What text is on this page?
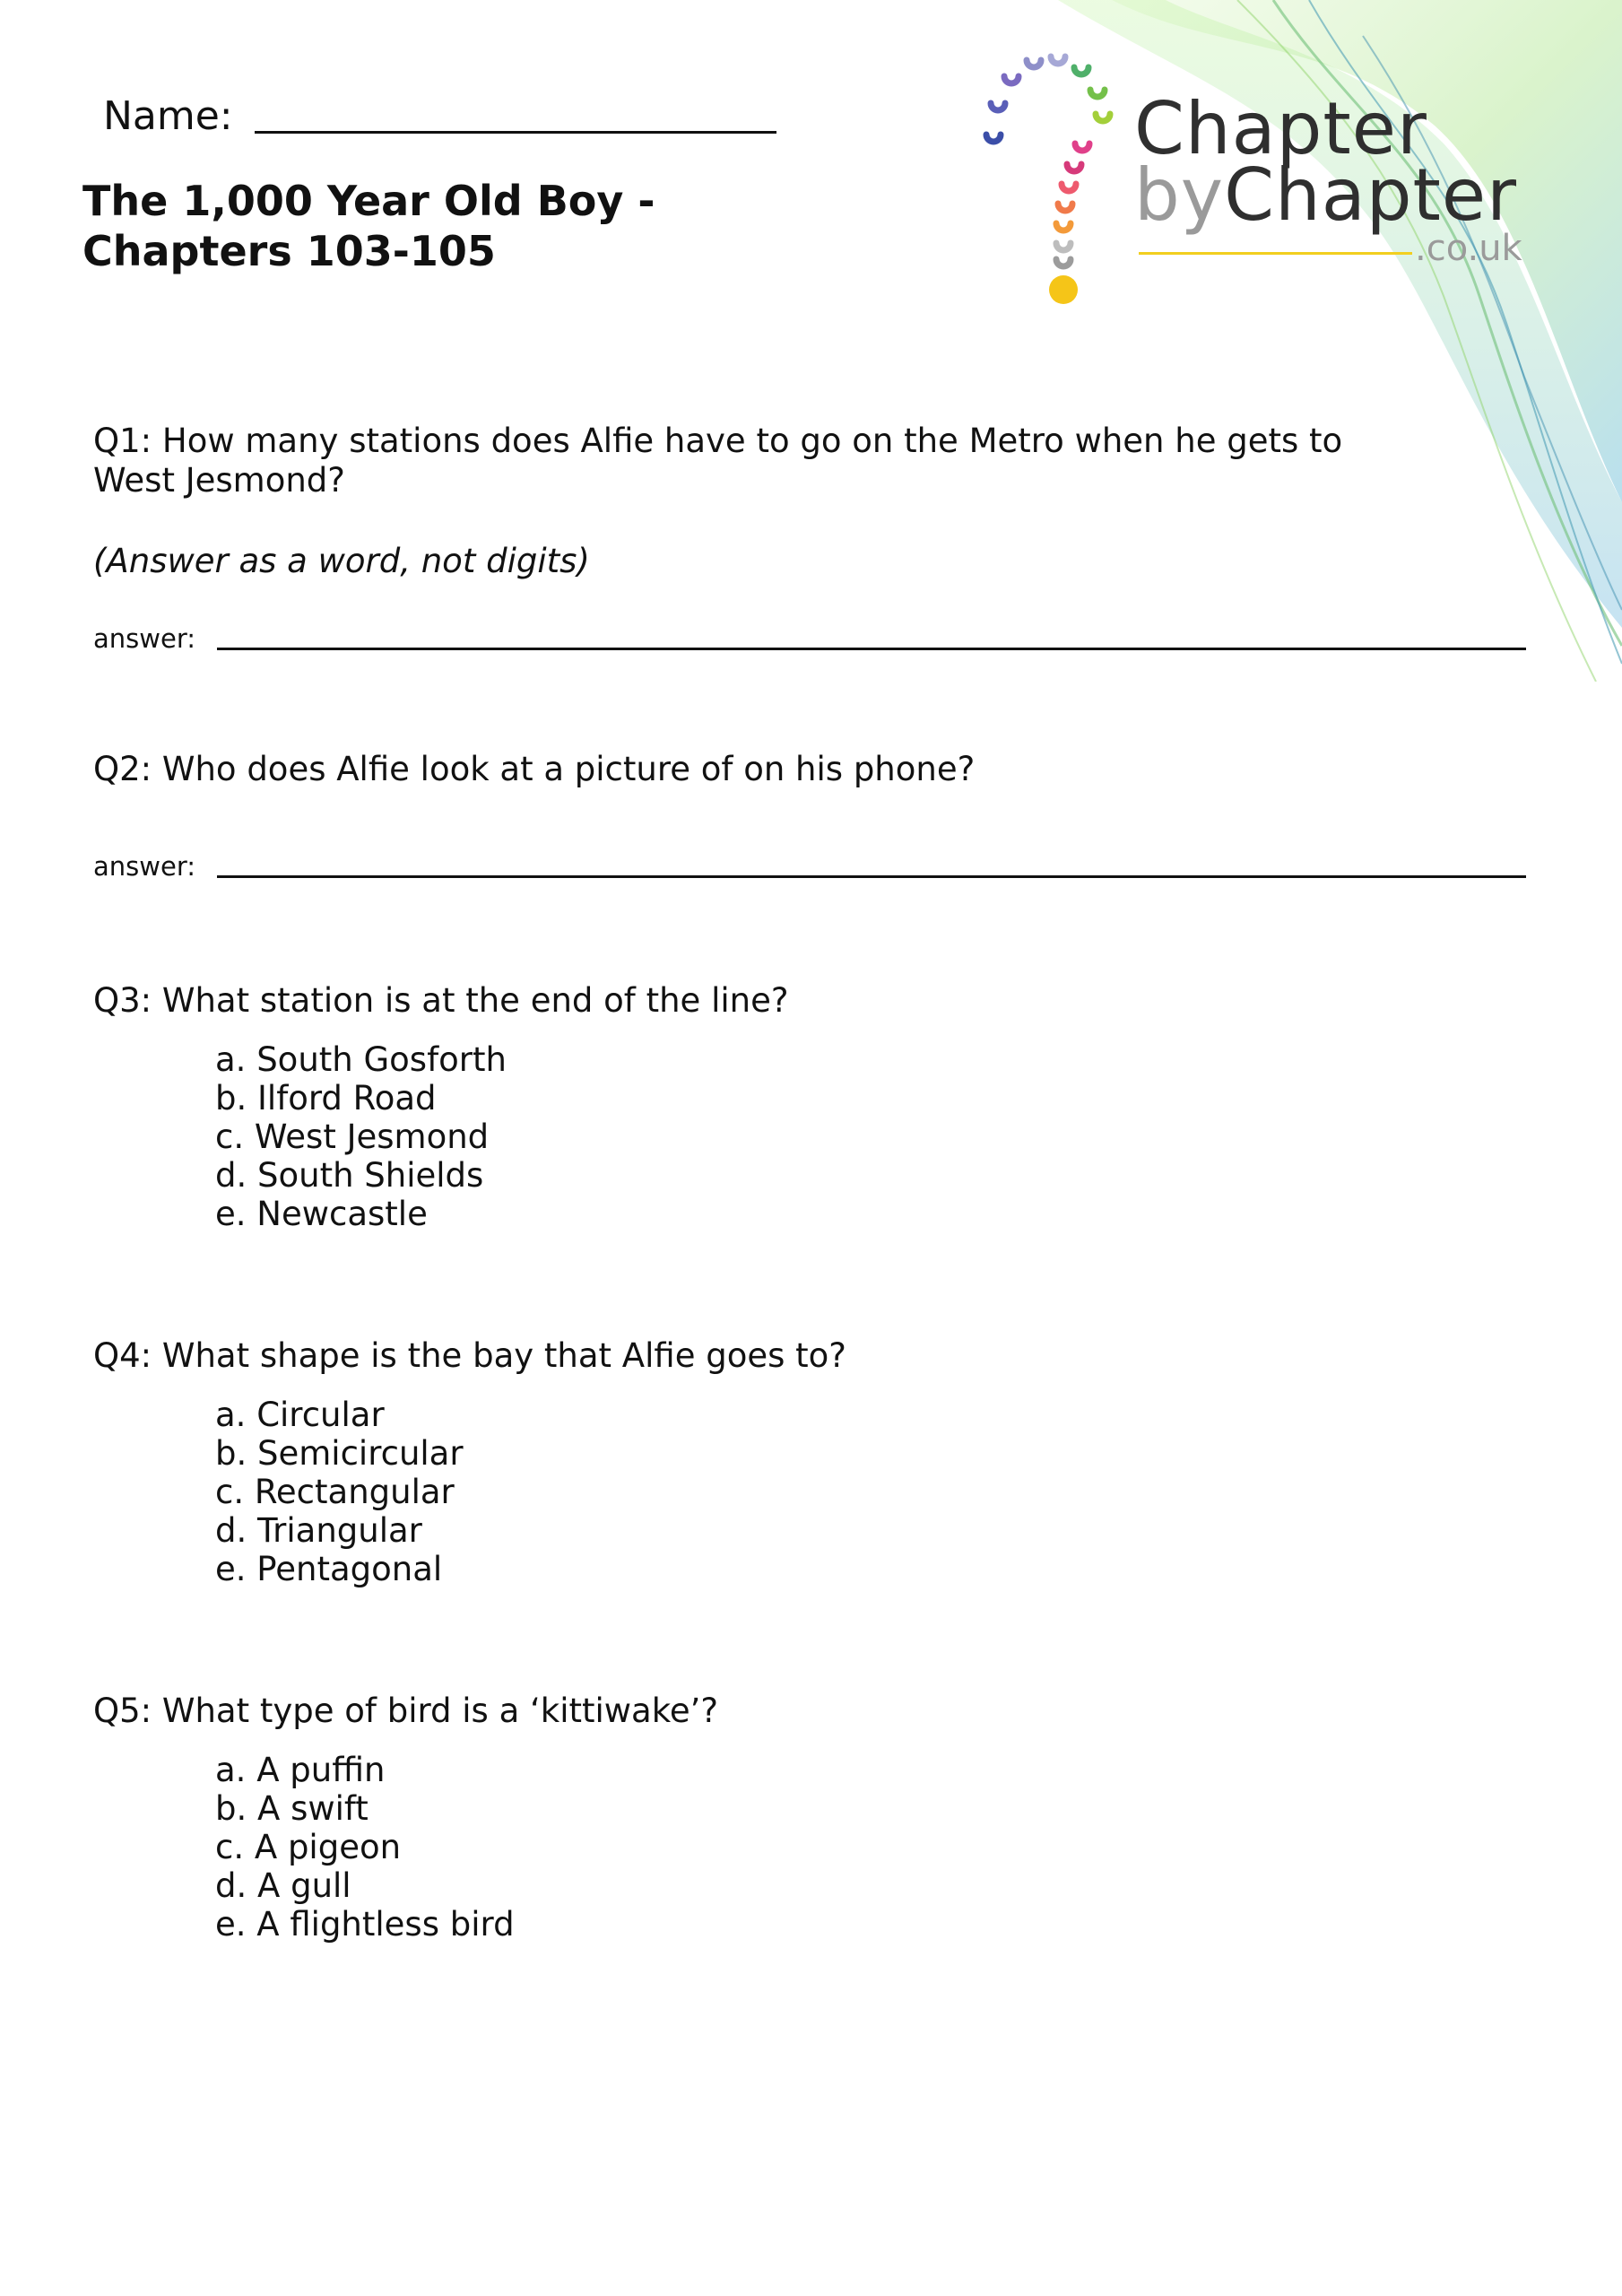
Name:
The 1,000 Year Old Boy -
Chapters 103-105
Chapter
byChapter
.co.uk
Q1: How many stations does Alfie have to go on the Metro when he gets to West Jesmond?
(Answer as a word, not digits)
answer:
Q2: Who does Alfie look at a picture of on his phone?
answer:
Q3: What station is at the end of the line?
a. South Gosforth
b. Ilford Road
c. West Jesmond
d. South Shields
e. Newcastle
Q4: What shape is the bay that Alfie goes to?
a. Circular
b. Semicircular
c. Rectangular
d. Triangular
e. Pentagonal
Q5: What type of bird is a ‘kittiwake’?
a. A puffin
b. A swift
c. A pigeon
d. A gull
e. A flightless bird
